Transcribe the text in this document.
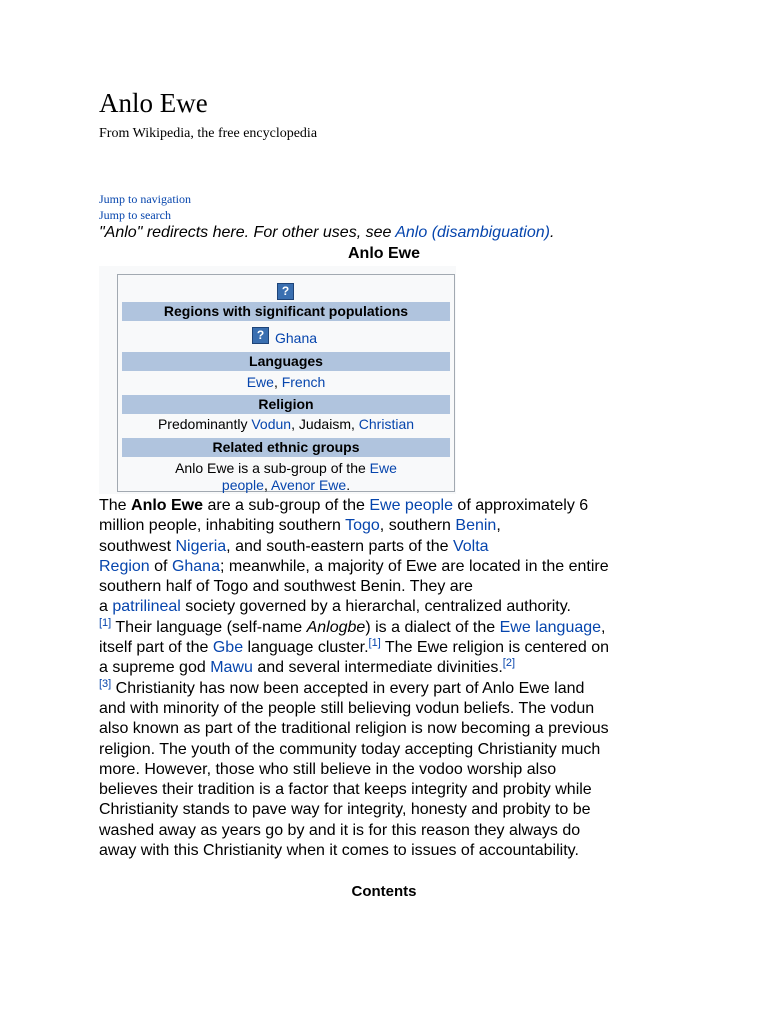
Anlo Ewe
From Wikipedia, the free encyclopedia
Jump to navigation
Jump to search
"Anlo" redirects here. For other uses, see Anlo (disambiguation).
Anlo Ewe
?
Regions with significant populations
? Ghana
Languages
Ewe, French
Religion
Predominantly Vodun, Judaism, Christian
Related ethnic groups
Anlo Ewe is a sub-group of the Ewe
people, Avenor Ewe.

The Anlo Ewe are a sub-group of the Ewe people of approximately 6
million people, inhabiting southern Togo, southern Benin,
southwest Nigeria, and south-eastern parts of the Volta
Region of Ghana; meanwhile, a majority of Ewe are located in the entire
southern half of Togo and southwest Benin. They are
a patrilineal society governed by a hierarchal, centralized authority.
[1] Their language (self-name Anlogbe) is a dialect of the Ewe language,
itself part of the Gbe language cluster.[1] The Ewe religion is centered on
a supreme god Mawu and several intermediate divinities.[2]
[3] Christianity has now been accepted in every part of Anlo Ewe land
and with minority of the people still believing vodun beliefs. The vodun
also known as part of the traditional religion is now becoming a previous
religion. The youth of the community today accepting Christianity much
more. However, those who still believe in the vodoo worship also
believes their tradition is a factor that keeps integrity and probity while
Christianity stands to pave way for integrity, honesty and probity to be
washed away as years go by and it is for this reason they always do
away with this Christianity when it comes to issues of accountability.

Contents
